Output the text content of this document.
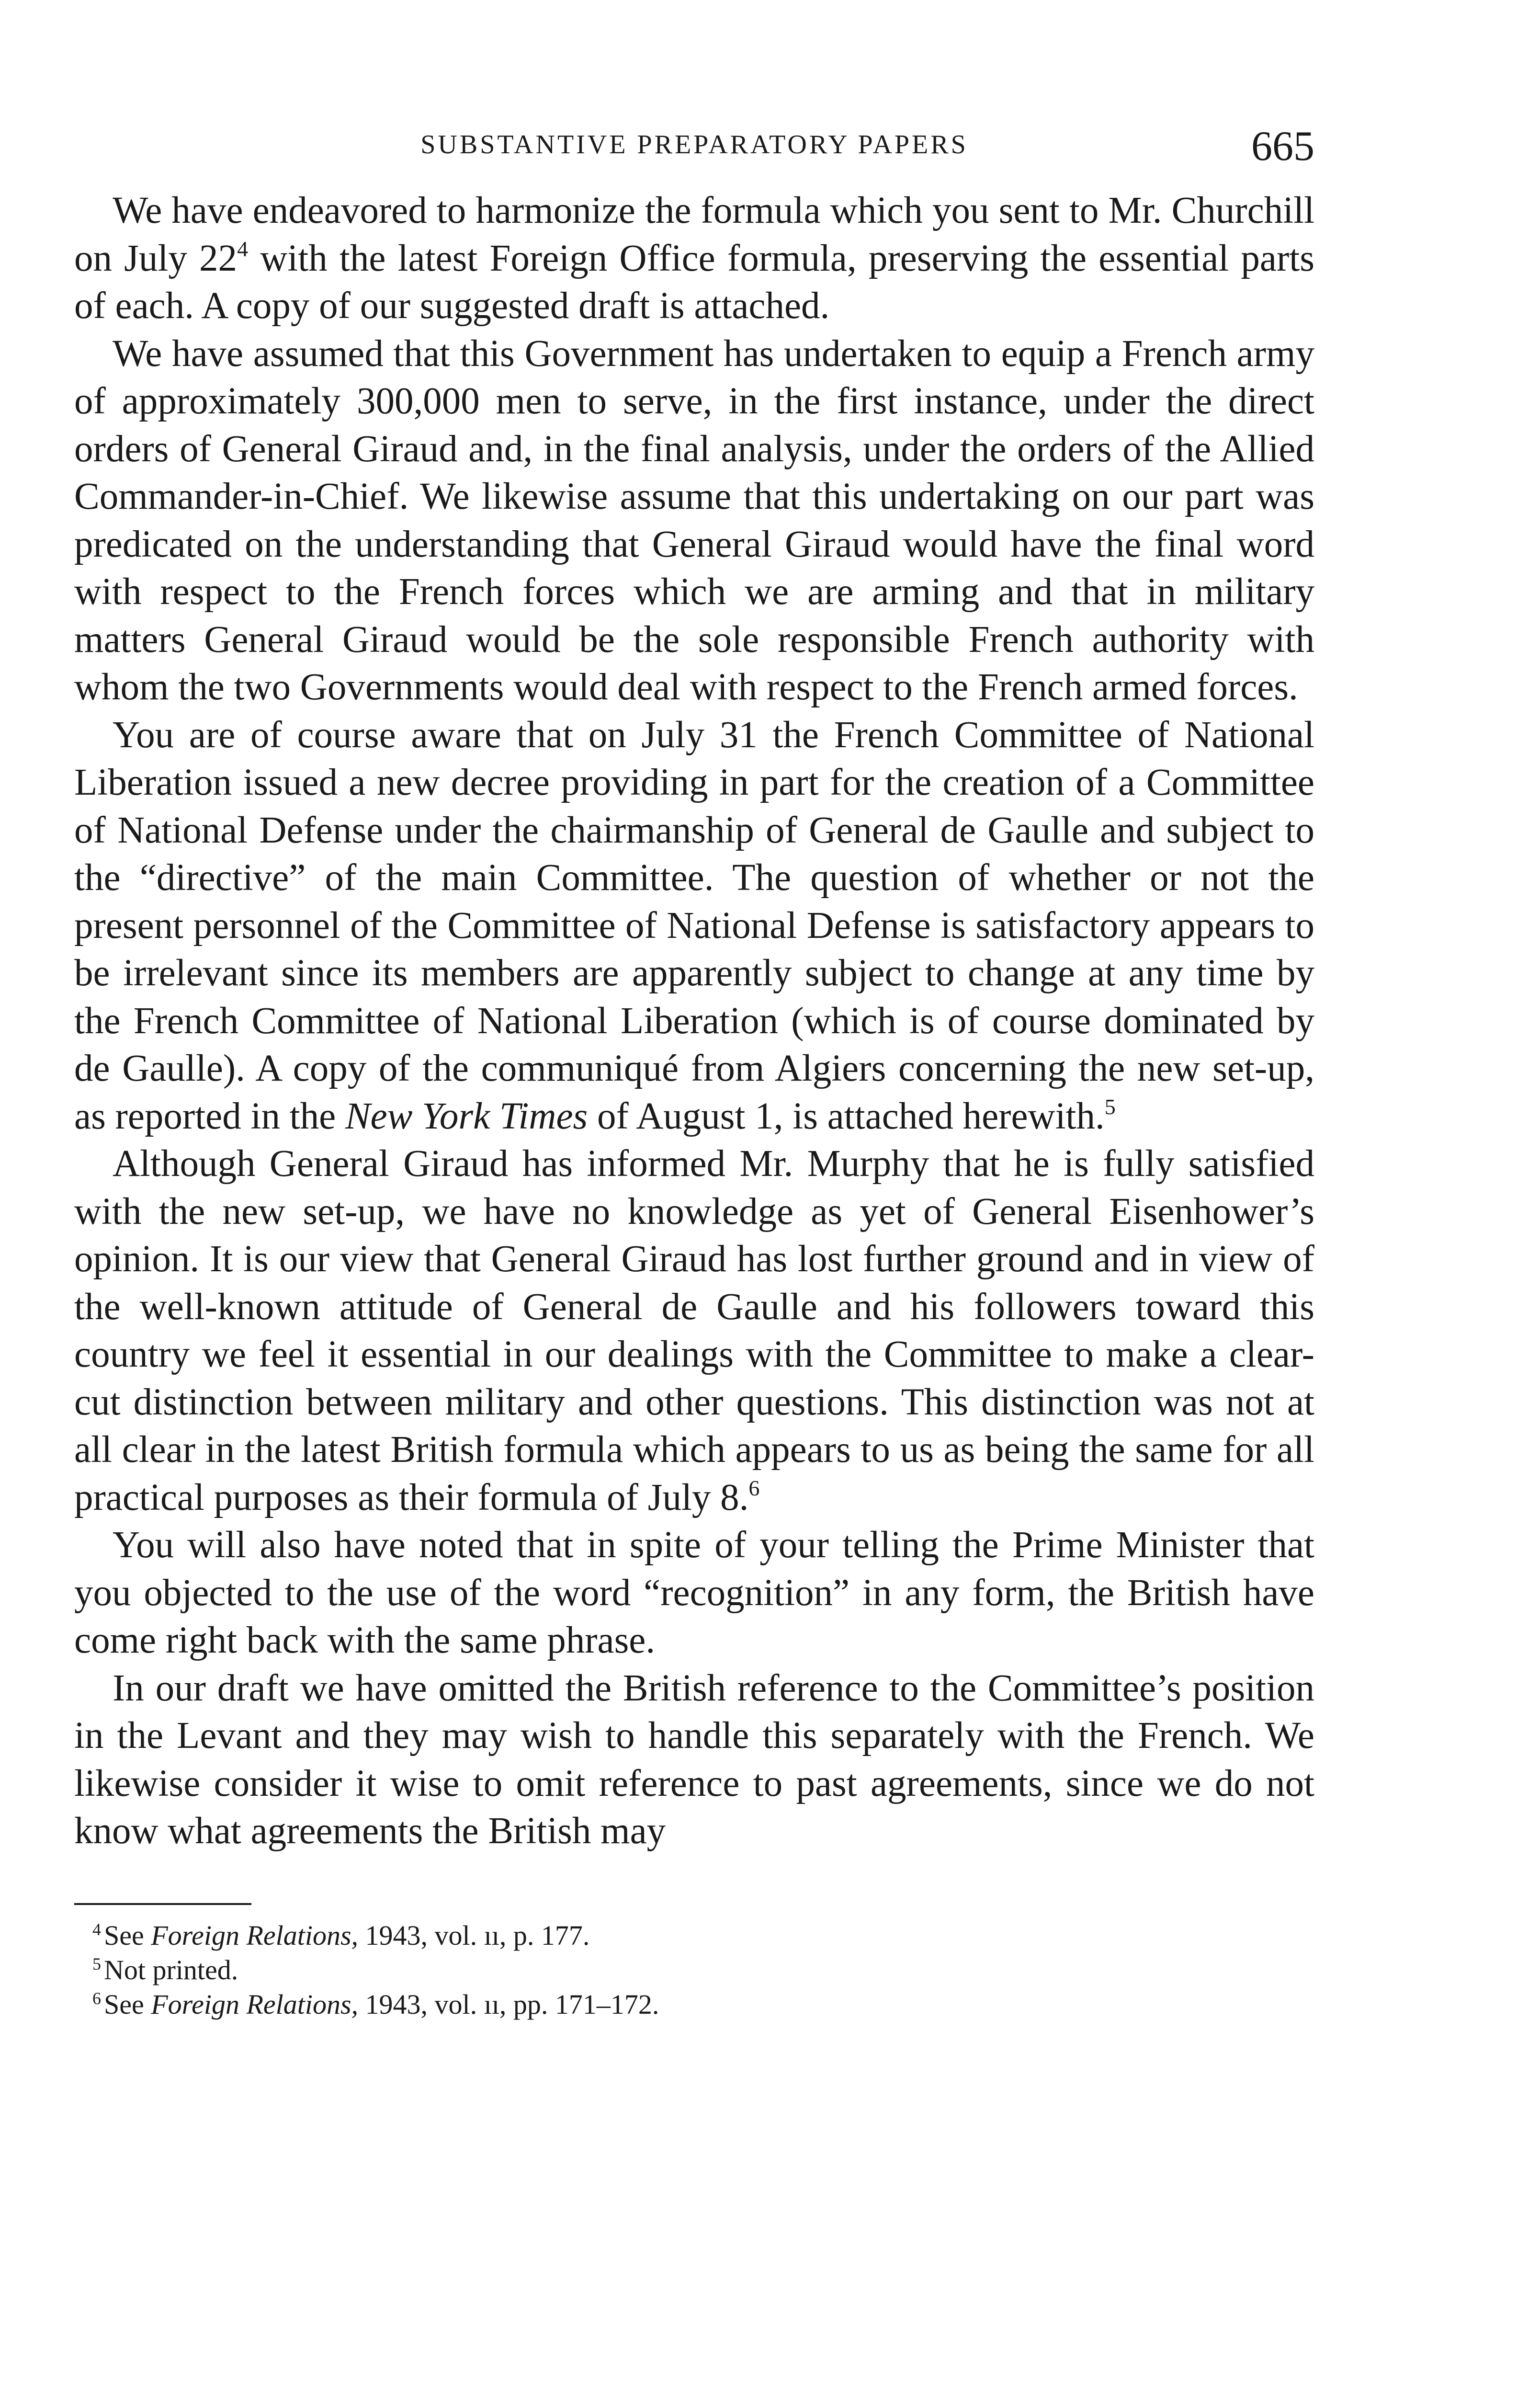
SUBSTANTIVE PREPARATORY PAPERS	665

We have endeavored to harmonize the formula which you sent to Mr. Churchill on July 22$^4$ with the latest Foreign Office formula, preserving the essential parts of each. A copy of our suggested draft is attached.

We have assumed that this Government has undertaken to equip a French army of approximately 300,000 men to serve, in the first instance, under the direct orders of General Giraud and, in the final analysis, under the orders of the Allied Commander-in-Chief. We likewise assume that this undertaking on our part was predicated on the understanding that General Giraud would have the final word with respect to the French forces which we are arming and that in military matters General Giraud would be the sole responsible French authority with whom the two Governments would deal with respect to the French armed forces.

You are of course aware that on July 31 the French Committee of National Liberation issued a new decree providing in part for the creation of a Committee of National Defense under the chairmanship of General de Gaulle and subject to the “directive” of the main Committee. The question of whether or not the present personnel of the Committee of National Defense is satisfactory appears to be irrelevant since its members are apparently subject to change at any time by the French Committee of National Liberation (which is of course dominated by de Gaulle). A copy of the communiqué from Algiers concerning the new set-up, as reported in the New York Times of August 1, is attached herewith.$^5$

Although General Giraud has informed Mr. Murphy that he is fully satisfied with the new set-up, we have no knowledge as yet of General Eisenhower’s opinion. It is our view that General Giraud has lost further ground and in view of the well-known attitude of General de Gaulle and his followers toward this country we feel it essential in our dealings with the Committee to make a clear-cut distinction between military and other questions. This distinction was not at all clear in the latest British formula which appears to us as being the same for all practical purposes as their formula of July 8.$^6$

You will also have noted that in spite of your telling the Prime Minister that you objected to the use of the word “recognition” in any form, the British have come right back with the same phrase.

In our draft we have omitted the British reference to the Committee’s position in the Levant and they may wish to handle this separately with the French. We likewise consider it wise to omit reference to past agreements, since we do not know what agreements the British may

$^4$ See Foreign Relations, 1943, vol. ıı, p. 177.
$^5$ Not printed.
$^6$ See Foreign Relations, 1943, vol. ıı, pp. 171–172.
